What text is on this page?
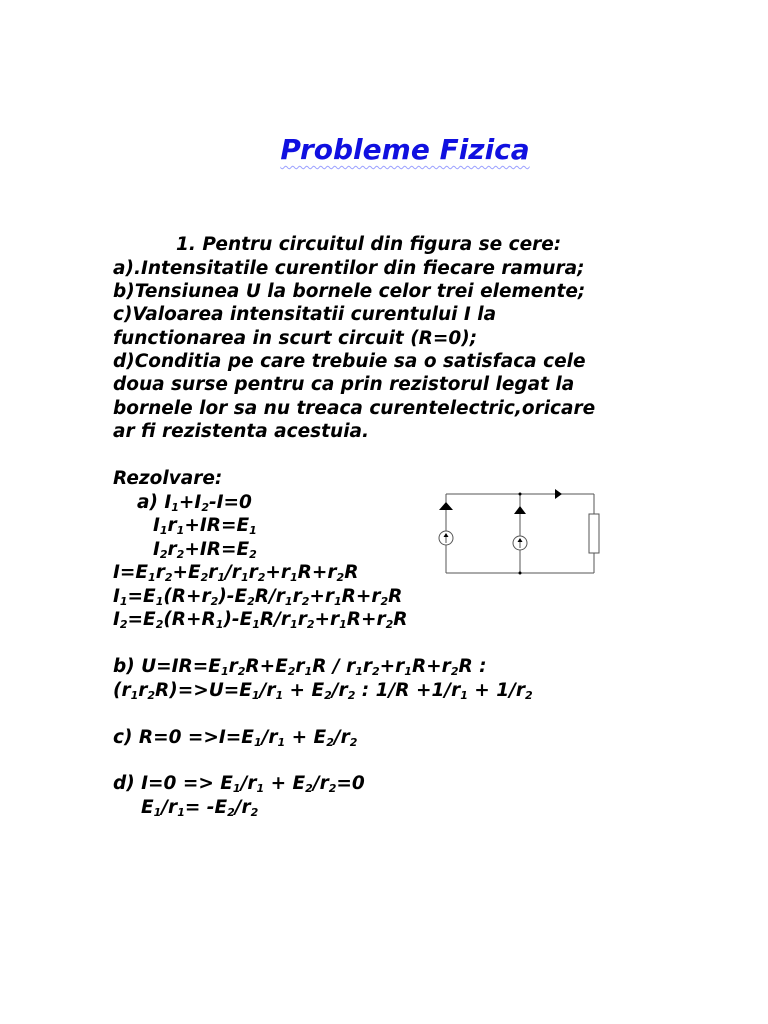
Probleme Fizica
1. Pentru circuitul din figura se cere:
a).Intensitatile curentilor din fiecare ramura;
b)Tensiunea U la bornele celor trei elemente;
c)Valoarea intensitatii curentului I la
functionarea in scurt circuit (R=0);
d)Conditia pe care trebuie sa o satisfaca cele
doua surse pentru ca prin rezistorul legat la
bornele lor sa nu treaca curentelectric,oricare
ar fi rezistenta acestuia.
Rezolvare:
a) $I_1+I_2-I=0$
$I_1r_1+IR=E_1$
$I_2r_2+IR=E_2$
$I=E_1r_2+E_2r_1/r_1r_2+r_1R+r_2R$
$I_1=E_1(R+r_2)-E_2R/r_1r_2+r_1R+r_2R$
$I_2=E_2(R+R_1)-E_1R/r_1r_2+r_1R+r_2R$
b) $U=IR=E_1r_2R+E_2r_1R / r_1r_2+r_1R+r_2R$ :
$(r_1r_2R)=>U=E_1/r_1 + E_2/r_2$ : $1/R +1/r_1 + 1/r_2$
c) $R=0 =>I=E_1/r_1 + E_2/r_2$
d) $I=0 => E_1/r_1 + E_2/r_2=0$
$E_1/r_1= -E_2/r_2$
